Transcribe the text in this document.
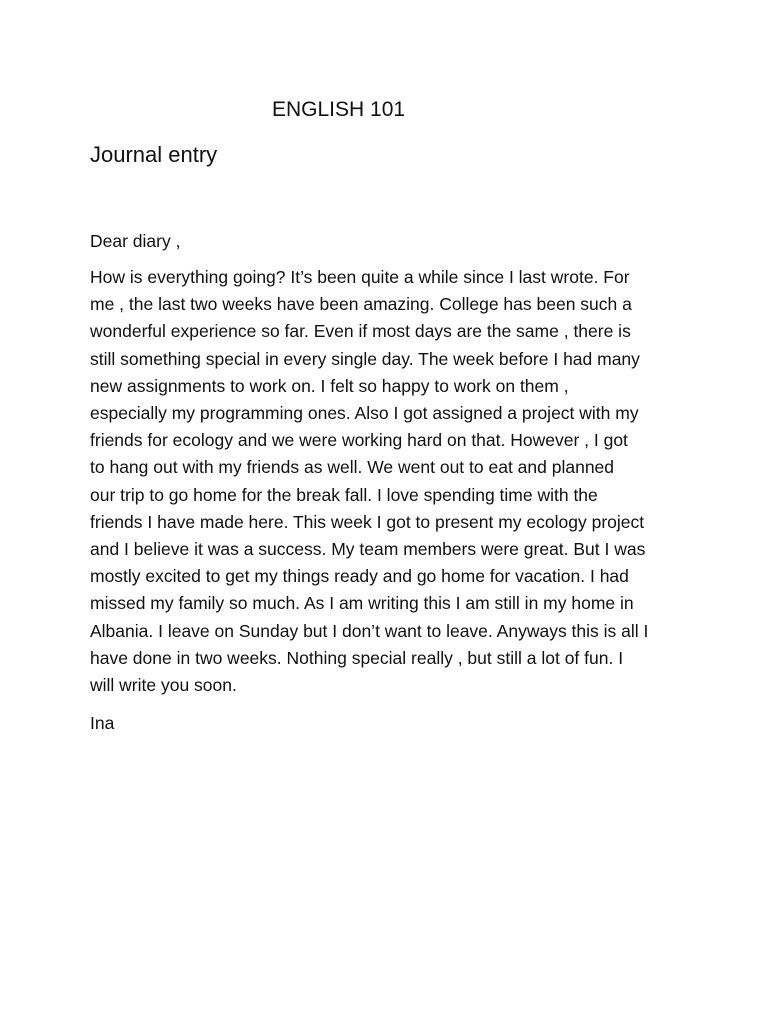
ENGLISH 101
Journal entry
Dear diary ,
How is everything going? It’s been quite a while since I last wrote. For
me , the last two weeks have been amazing. College has been such a
wonderful experience so far. Even if most days are the same , there is
still something special in every single day. The week before I had many
new assignments to work on. I felt so happy to work on them ,
especially my programming ones. Also I got assigned a project with my
friends for ecology and we were working hard on that. However , I got
to hang out with my friends as well. We went out to eat and planned
our trip to go home for the break fall. I love spending time with the
friends I have made here. This week I got to present my ecology project
and I believe it was a success. My team members were great. But I was
mostly excited to get my things ready and go home for vacation. I had
missed my family so much. As I am writing this I am still in my home in
Albania. I leave on Sunday but I don’t want to leave. Anyways this is all I
have done in two weeks. Nothing special really , but still a lot of fun. I
will write you soon.
Ina
